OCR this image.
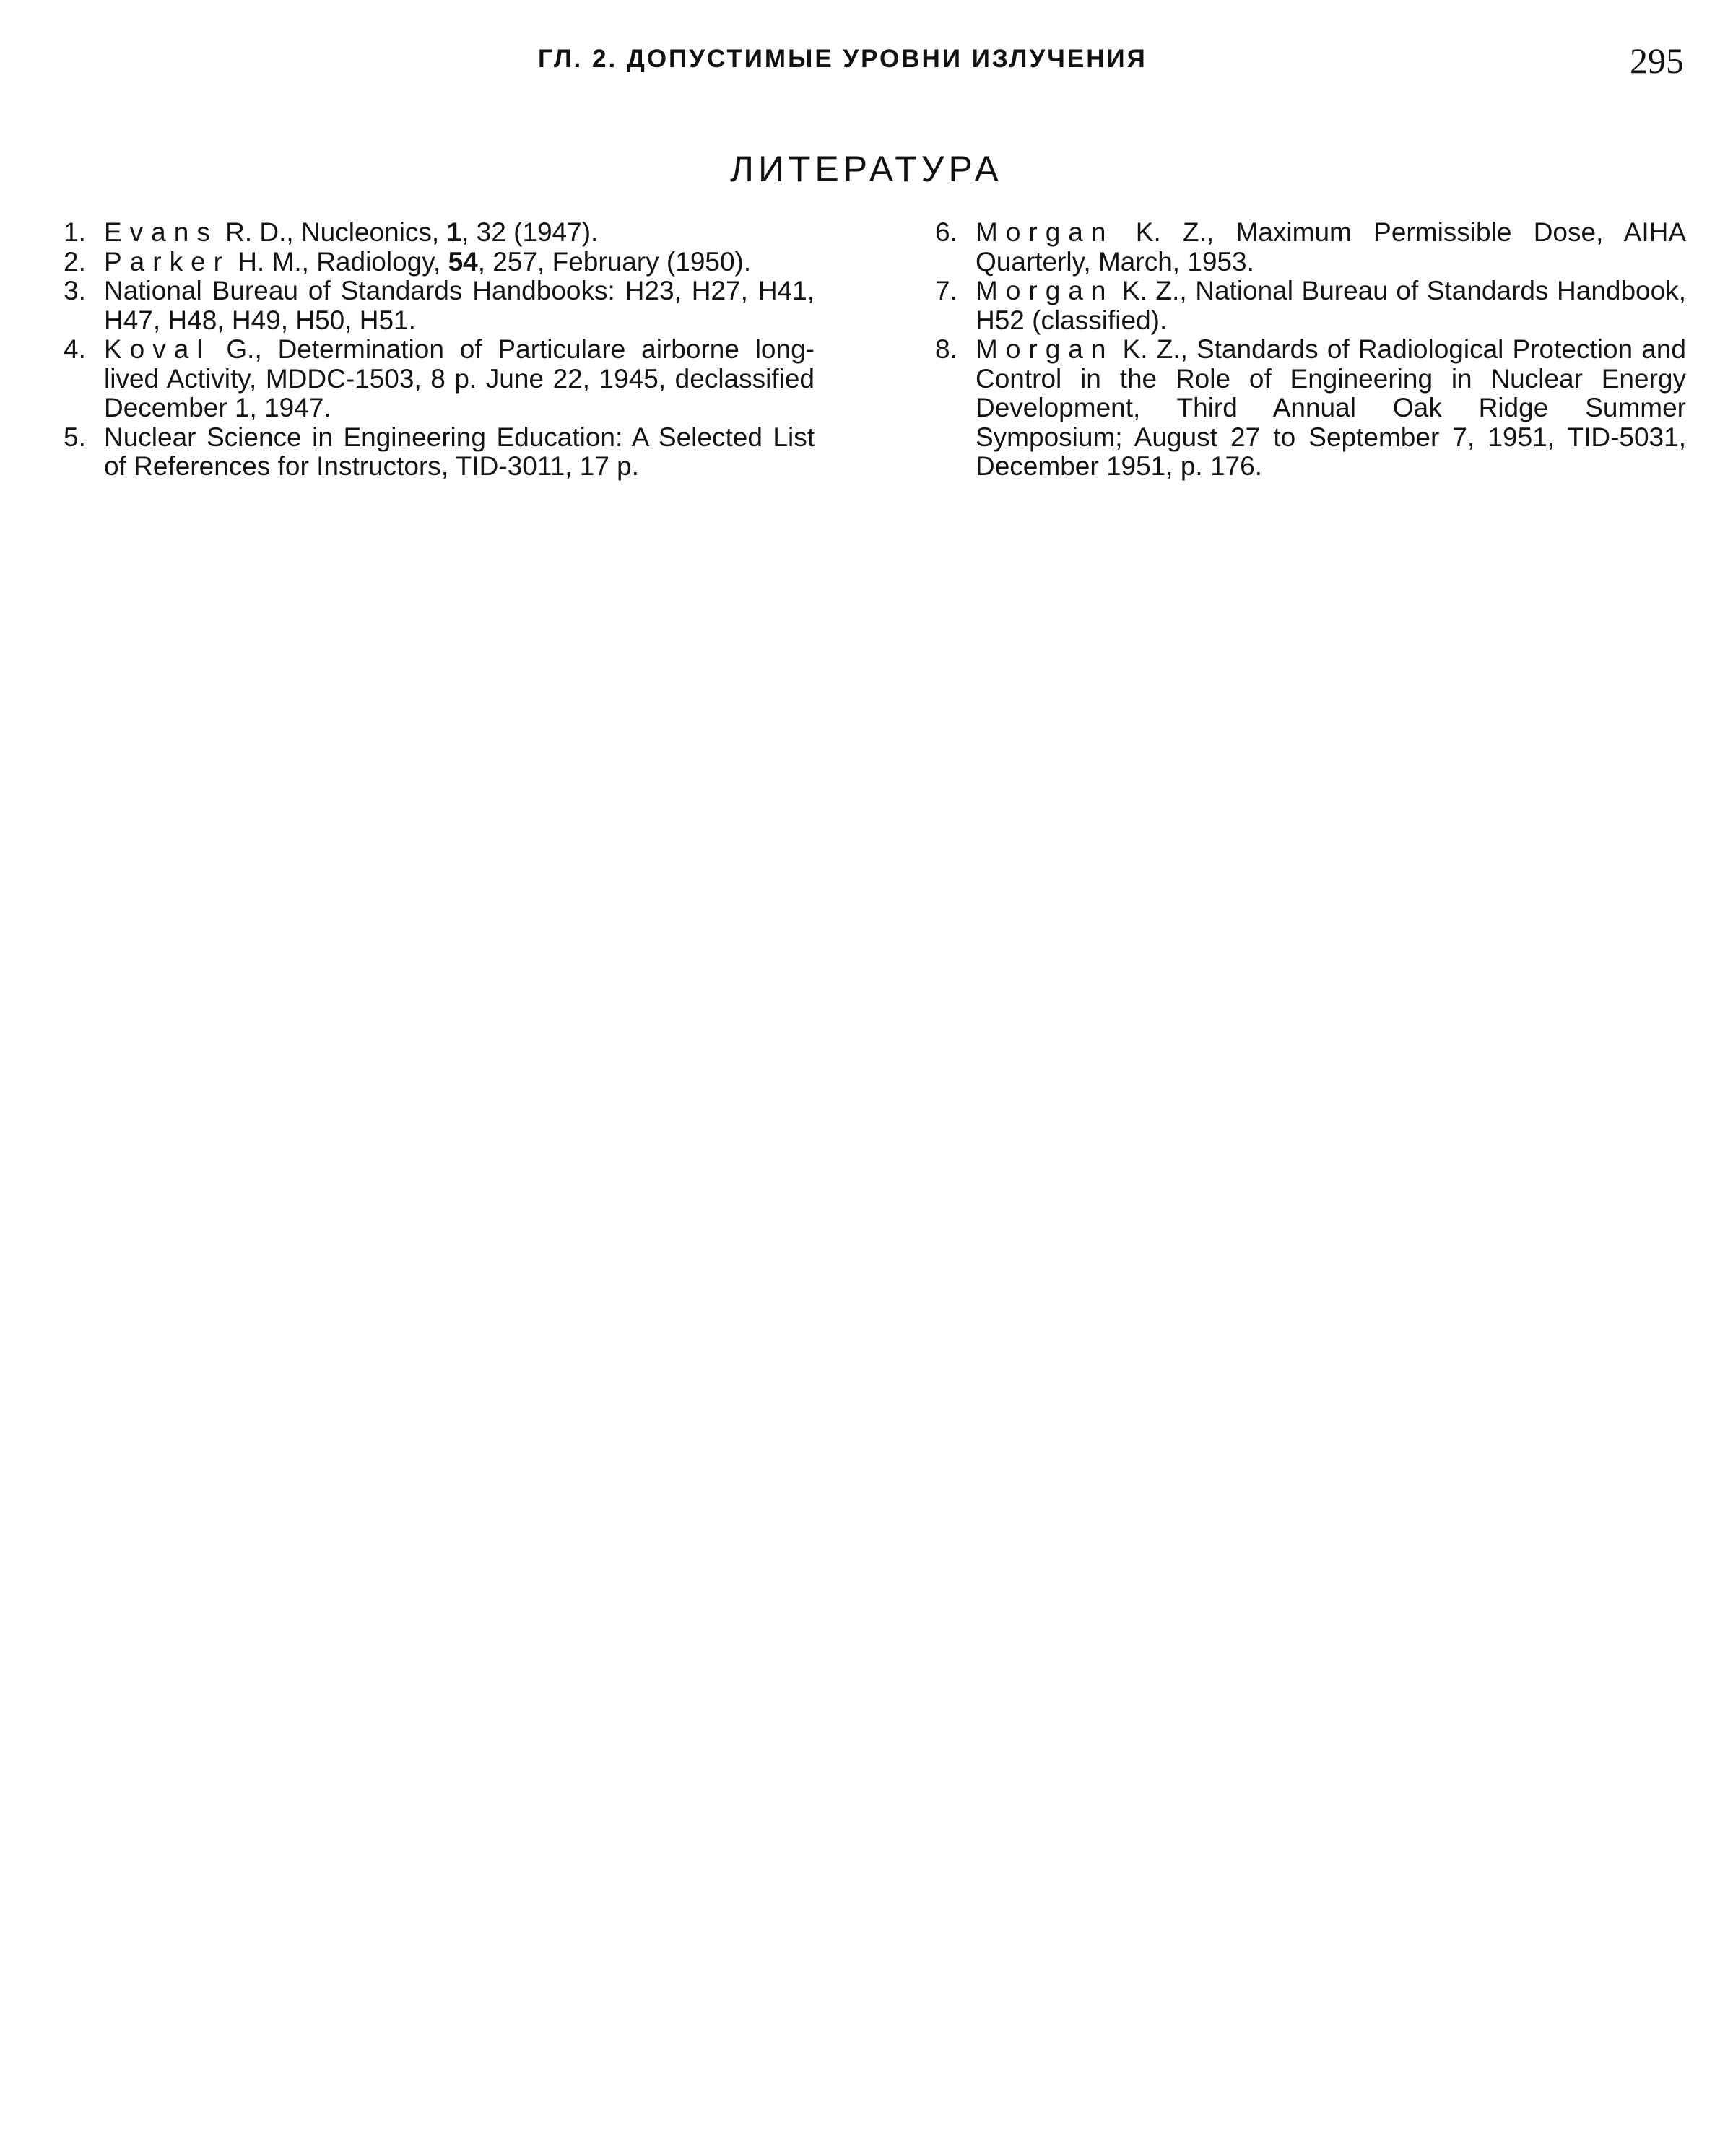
ГЛ. 2. ДОПУСТИМЫЕ УРОВНИ ИЗЛУЧЕНИЯ	295
ЛИТЕРАТУРА
1. Evans R. D., Nucleonics, 1, 32 (1947).
2. Parker H. M., Radiology, 54, 257, February (1950).
3. National Bureau of Standards Handbooks: H23, H27, H41, H47, H48, H49, H50, H51.
4. Koval G., Determination of Particulare airborne long-lived Activity, MDDC-1503, 8 p. June 22, 1945, declassified December 1, 1947.
5. Nuclear Science in Engineering Education: A Selected List of References for Instructors, TID-3011, 17 p.
6. Morgan K. Z., Maximum Permissible Dose, AIHA Quarterly, March, 1953.
7. Morgan K. Z., National Bureau of Standards Handbook, H52 (classified).
8. Morgan K. Z., Standards of Radiological Protection and Control in the Role of Engineering in Nuclear Energy Development, Third Annual Oak Ridge Summer Symposium; August 27 to September 7, 1951, TID-5031, December 1951, p. 176.
